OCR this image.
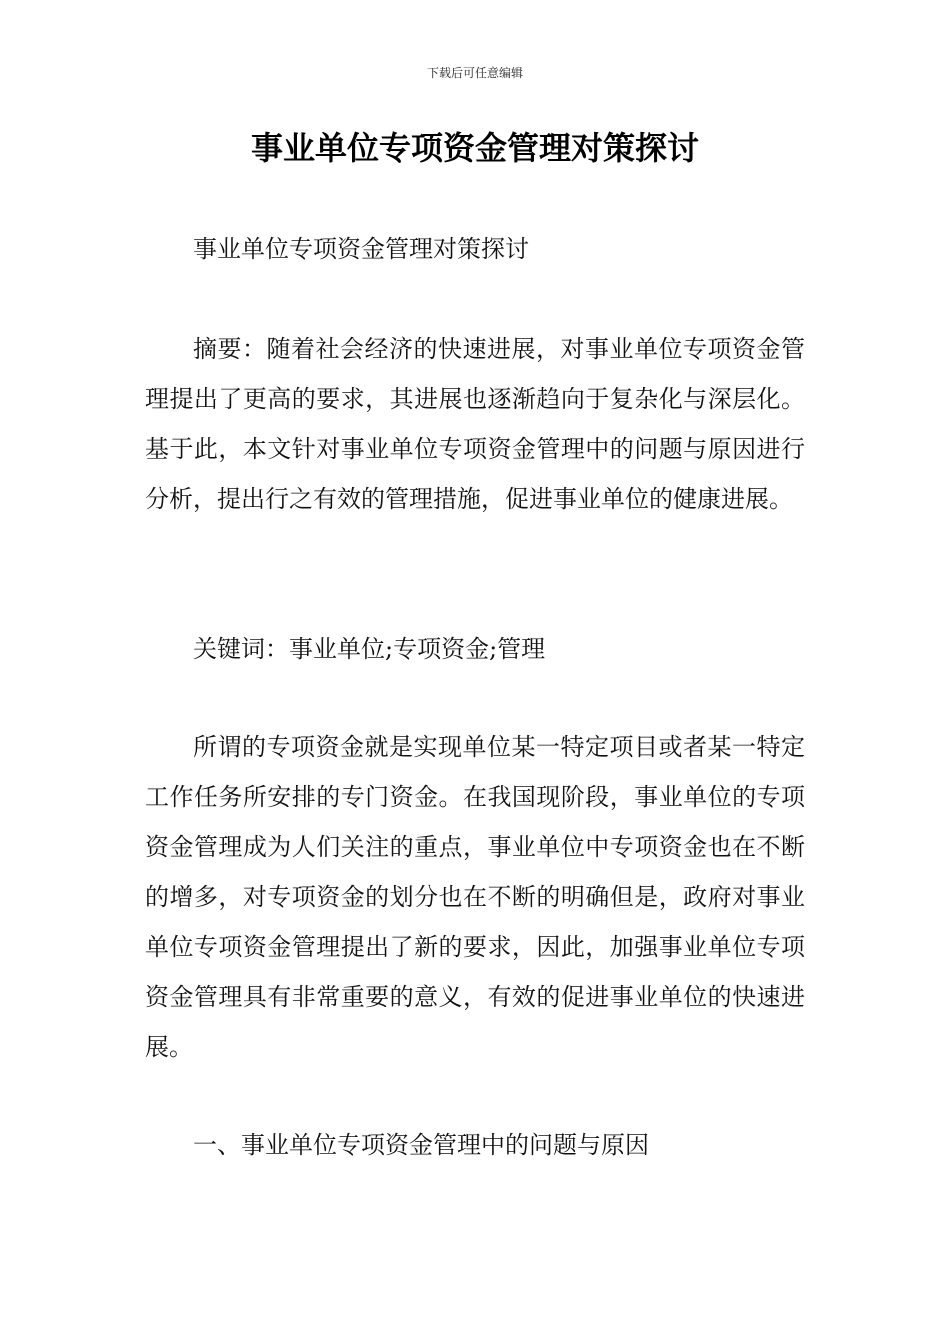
下载后可任意编辑
事业单位专项资金管理对策探讨

事业单位专项资金管理对策探讨

摘要：随着社会经济的快速进展，对事业单位专项资金管理提出了更高的要求，其进展也逐渐趋向于复杂化与深层化。基于此，本文针对事业单位专项资金管理中的问题与原因进行分析，提出行之有效的管理措施，促进事业单位的健康进展。

关键词：事业单位;专项资金;管理

所谓的专项资金就是实现单位某一特定项目或者某一特定工作任务所安排的专门资金。在我国现阶段，事业单位的专项资金管理成为人们关注的重点，事业单位中专项资金也在不断的增多，对专项资金的划分也在不断的明确但是，政府对事业单位专项资金管理提出了新的要求，因此，加强事业单位专项资金管理具有非常重要的意义，有效的促进事业单位的快速进展。

一、事业单位专项资金管理中的问题与原因
